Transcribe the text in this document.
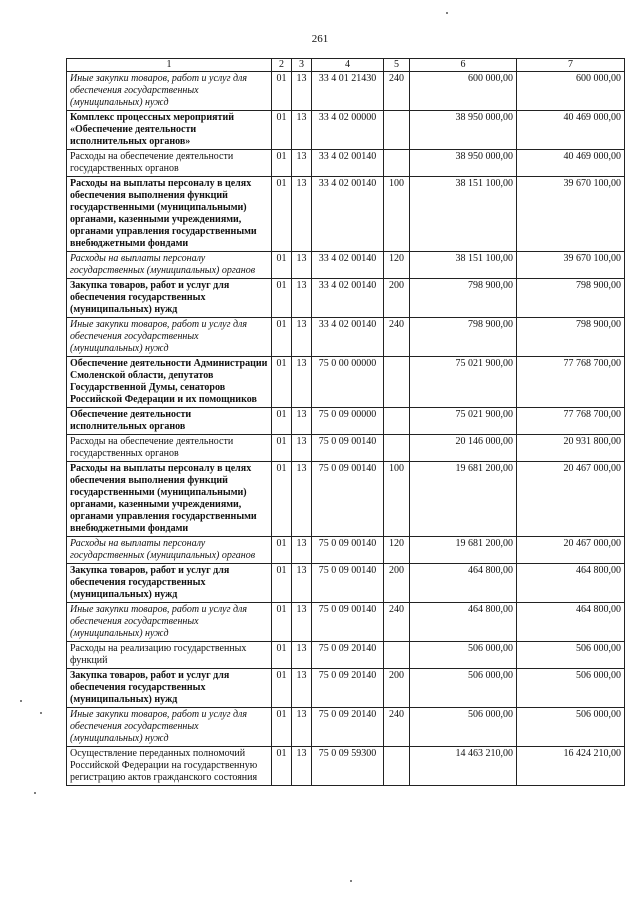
261
1	2	3	4	5	6	7
Иные закупки товаров, работ и услуг для обеспечения государственных (муниципальных) нужд	01	13	33 4 01 21430	240	600 000,00	600 000,00
Комплекс процессных мероприятий «Обеспечение деятельности исполнительных органов»	01	13	33 4 02 00000		38 950 000,00	40 469 000,00
Расходы на обеспечение деятельности государственных органов	01	13	33 4 02 00140		38 950 000,00	40 469 000,00
Расходы на выплаты персоналу в целях обеспечения выполнения функций государственными (муниципальными) органами, казенными учреждениями, органами управления государственными внебюджетными фондами	01	13	33 4 02 00140	100	38 151 100,00	39 670 100,00
Расходы на выплаты персоналу государственных (муниципальных) органов	01	13	33 4 02 00140	120	38 151 100,00	39 670 100,00
Закупка товаров, работ и услуг для обеспечения государственных (муниципальных) нужд	01	13	33 4 02 00140	200	798 900,00	798 900,00
Иные закупки товаров, работ и услуг для обеспечения государственных (муниципальных) нужд	01	13	33 4 02 00140	240	798 900,00	798 900,00
Обеспечение деятельности Администрации Смоленской области, депутатов Государственной Думы, сенаторов Российской Федерации и их помощников	01	13	75 0 00 00000		75 021 900,00	77 768 700,00
Обеспечение деятельности исполнительных органов	01	13	75 0 09 00000		75 021 900,00	77 768 700,00
Расходы на обеспечение деятельности государственных органов	01	13	75 0 09 00140		20 146 000,00	20 931 800,00
Расходы на выплаты персоналу в целях обеспечения выполнения функций государственными (муниципальными) органами, казенными учреждениями, органами управления государственными внебюджетными фондами	01	13	75 0 09 00140	100	19 681 200,00	20 467 000,00
Расходы на выплаты персоналу государственных (муниципальных) органов	01	13	75 0 09 00140	120	19 681 200,00	20 467 000,00
Закупка товаров, работ и услуг для обеспечения государственных (муниципальных) нужд	01	13	75 0 09 00140	200	464 800,00	464 800,00
Иные закупки товаров, работ и услуг для обеспечения государственных (муниципальных) нужд	01	13	75 0 09 00140	240	464 800,00	464 800,00
Расходы на реализацию государственных функций	01	13	75 0 09 20140		506 000,00	506 000,00
Закупка товаров, работ и услуг для обеспечения государственных (муниципальных) нужд	01	13	75 0 09 20140	200	506 000,00	506 000,00
Иные закупки товаров, работ и услуг для обеспечения государственных (муниципальных) нужд	01	13	75 0 09 20140	240	506 000,00	506 000,00
Осуществление переданных полномочий Российской Федерации на государственную регистрацию актов гражданского состояния	01	13	75 0 09 59300		14 463 210,00	16 424 210,00
